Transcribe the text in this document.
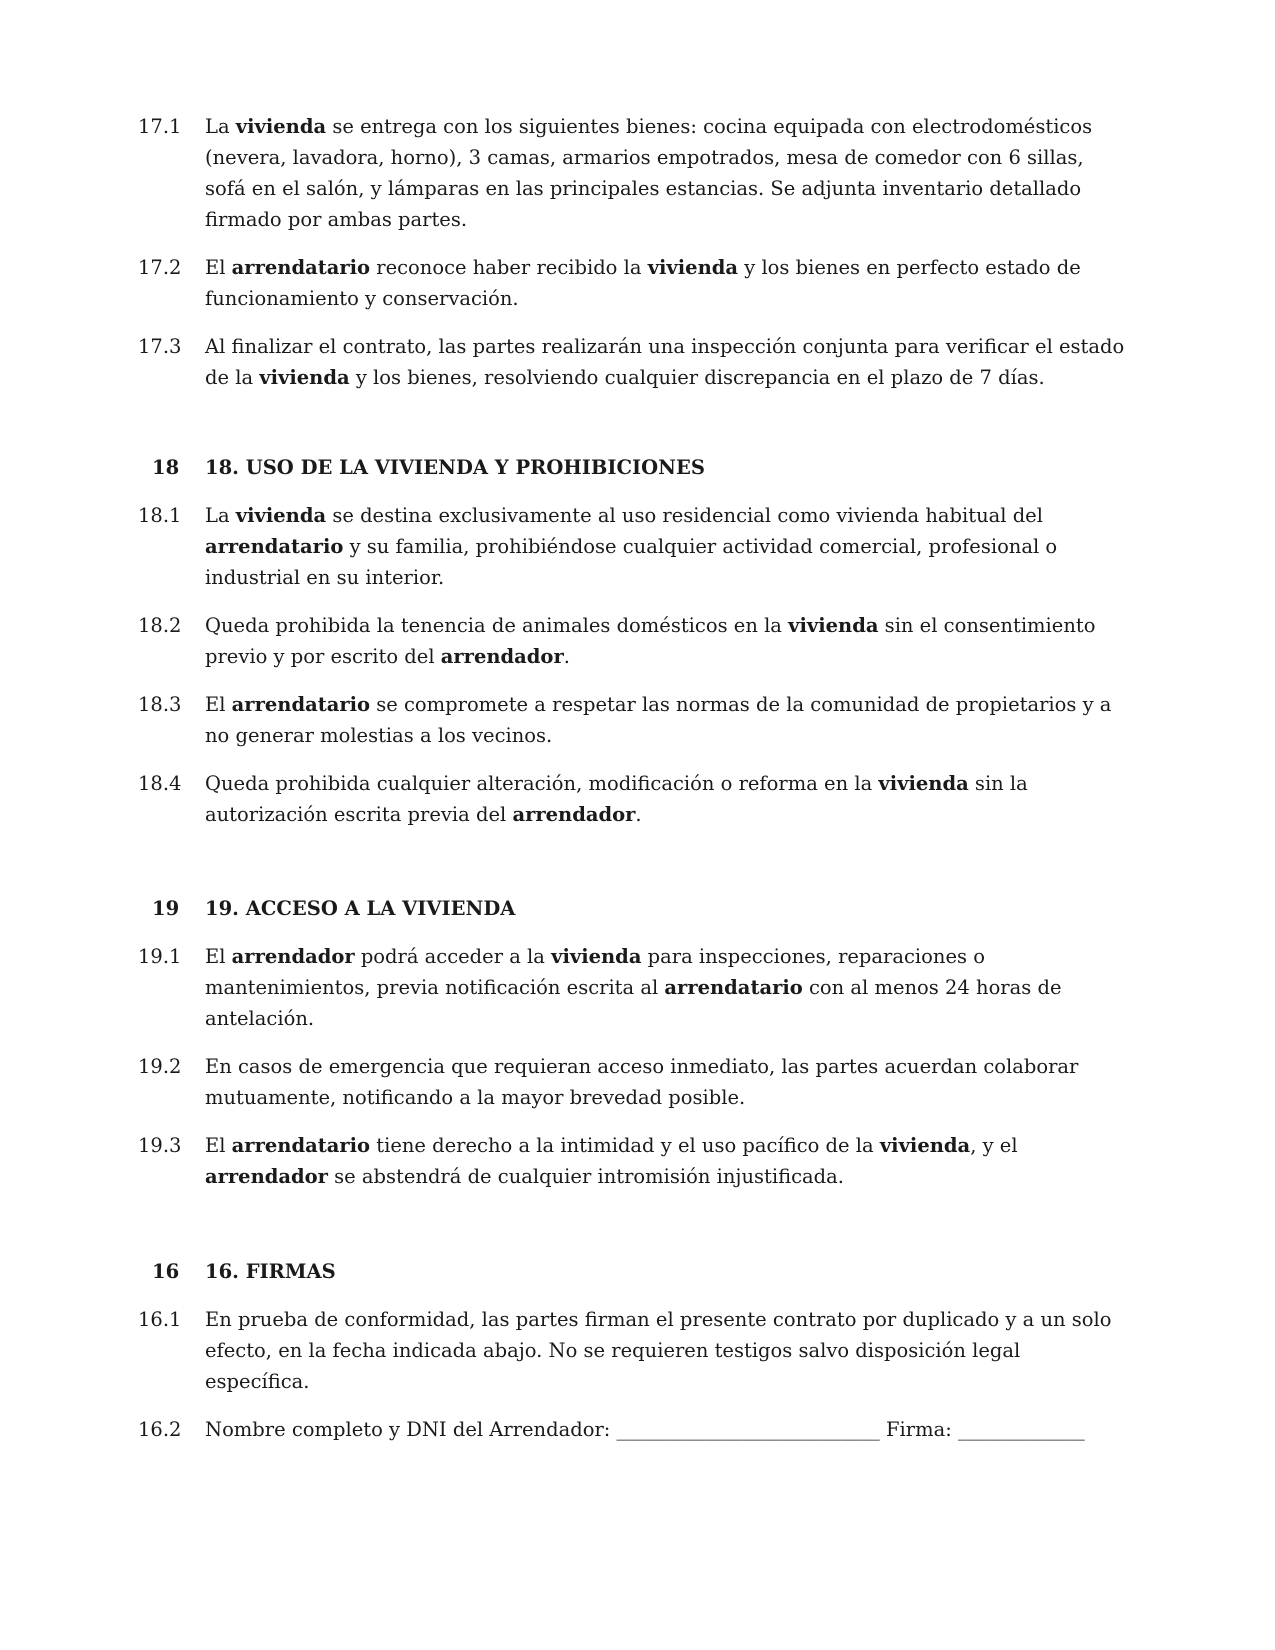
17.1	La vivienda se entrega con los siguientes bienes: cocina equipada con electrodomésticos (nevera, lavadora, horno), 3 camas, armarios empotrados, mesa de comedor con 6 sillas, sofá en el salón, y lámparas en las principales estancias. Se adjunta inventario detallado firmado por ambas partes.
17.2	El arrendatario reconoce haber recibido la vivienda y los bienes en perfecto estado de funcionamiento y conservación.
17.3	Al finalizar el contrato, las partes realizarán una inspección conjunta para verificar el estado de la vivienda y los bienes, resolviendo cualquier discrepancia en el plazo de 7 días.
18	18. USO DE LA VIVIENDA Y PROHIBICIONES
18.1	La vivienda se destina exclusivamente al uso residencial como vivienda habitual del arrendatario y su familia, prohibiéndose cualquier actividad comercial, profesional o industrial en su interior.
18.2	Queda prohibida la tenencia de animales domésticos en la vivienda sin el consentimiento previo y por escrito del arrendador.
18.3	El arrendatario se compromete a respetar las normas de la comunidad de propietarios y a no generar molestias a los vecinos.
18.4	Queda prohibida cualquier alteración, modificación o reforma en la vivienda sin la autorización escrita previa del arrendador.
19	19. ACCESO A LA VIVIENDA
19.1	El arrendador podrá acceder a la vivienda para inspecciones, reparaciones o mantenimientos, previa notificación escrita al arrendatario con al menos 24 horas de antelación.
19.2	En casos de emergencia que requieran acceso inmediato, las partes acuerdan colaborar mutuamente, notificando a la mayor brevedad posible.
19.3	El arrendatario tiene derecho a la intimidad y el uso pacífico de la vivienda, y el arrendador se abstendrá de cualquier intromisión injustificada.
16	16. FIRMAS
16.1	En prueba de conformidad, las partes firman el presente contrato por duplicado y a un solo efecto, en la fecha indicada abajo. No se requieren testigos salvo disposición legal específica.
16.2	Nombre completo y DNI del Arrendador: ___________________________ Firma: _____________
